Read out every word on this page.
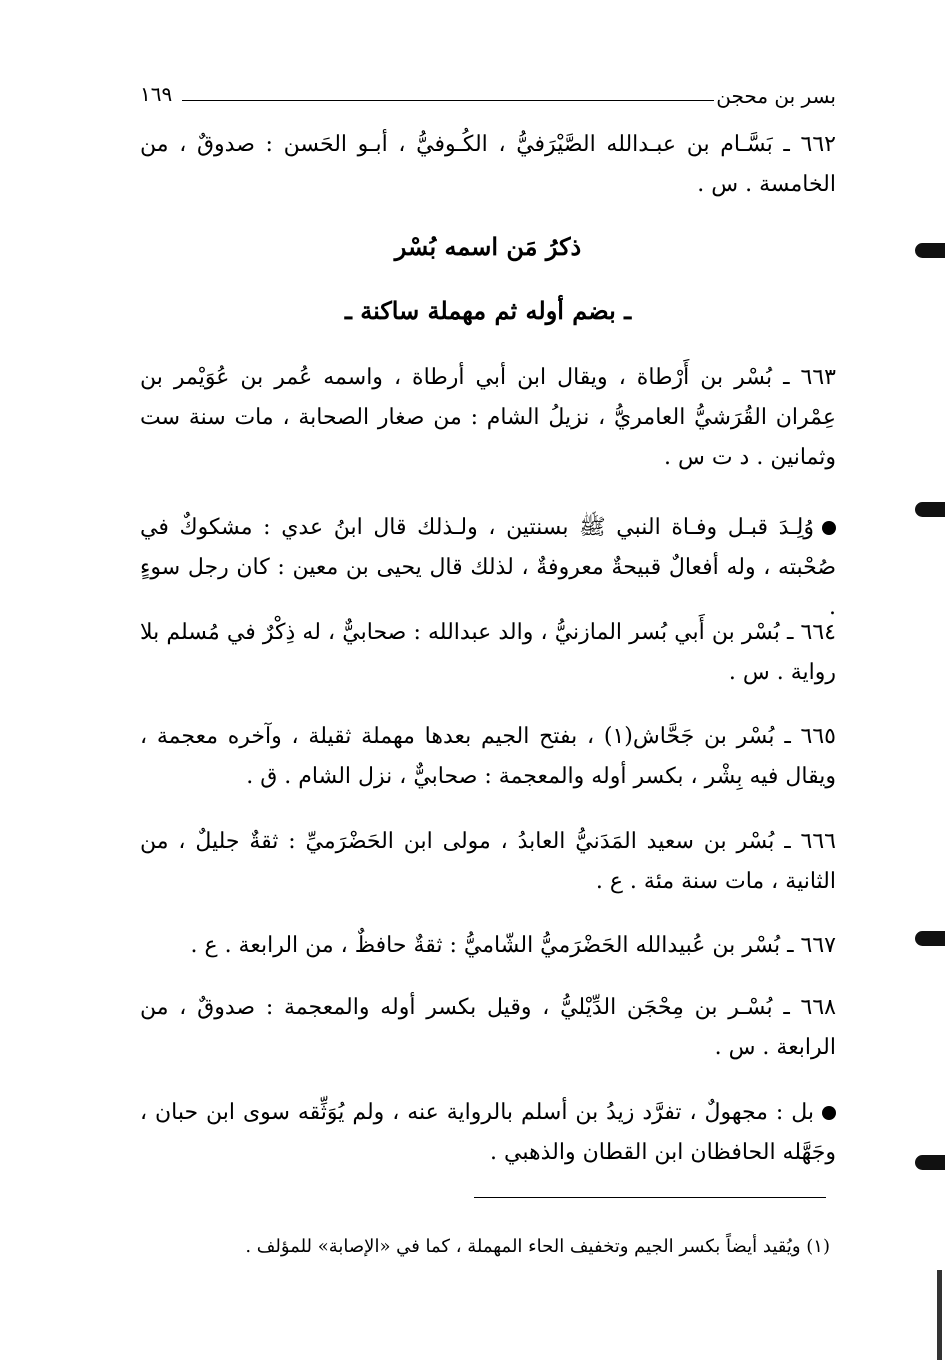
بسر بن محجن
١٦٩
٦٦٢ ـ بَسَّـام بن عبـدالله الصَّيْرَفيُّ ، الكُـوفيُّ ، أبـو الحَسن : صدوقٌ ، من الخامسة . س .
ذكرُ مَن اسمه بُسْر
ـ بضم أوله ثم مهملة ساكنة ـ
٦٦٣ ـ بُسْر بن أَرْطاة ، ويقال ابن أبي أرطاة ، واسمه عُمر بن عُوَيْمر بن عِمْران القُرَشيُّ العامريُّ ، نزيلُ الشام : من صغار الصحابة ، مات سنة ست وثمانين . د ت س .
وُلِـدَ قبـل وفـاة النبي ﷺ بسنتين ، ولـذلك قال ابنُ عدي : مشكوكٌ في صُحْبته ، وله أفعالٌ قبيحةٌ معروفةٌ ، لذلك قال يحيى بن معين : كان رجل سوءٍ .
٦٦٤ ـ بُسْر بن أَبي بُسر المازنيُّ ، والد عبدالله : صحابيٌّ ، له ذِكْرٌ في مُسلم بلا رواية . س .
٦٦٥ ـ بُسْر بن جَحَّاش(١) ، بفتح الجيم بعدها مهملة ثقيلة ، وآخره معجمة ، ويقال فيه بِشْر ، بكسر أوله والمعجمة : صحابيٌّ ، نزل الشام . ق .
٦٦٦ ـ بُسْر بن سعيد المَدَنيُّ العابدُ ، مولى ابن الحَضْرَميِّ : ثقةٌ جليلٌ ، من الثانية ، مات سنة مئة . ع .
٦٦٧ ـ بُسْر بن عُبيدالله الحَضْرَميُّ الشّاميُّ : ثقةٌ حافظٌ ، من الرابعة . ع .
٦٦٨ ـ بُسْـر بن مِحْجَن الدِّيْليُّ ، وقيل بكسر أوله والمعجمة : صدوقٌ ، من الرابعة . س .
بل : مجهولٌ ، تفرَّد زيدُ بن أسلم بالرواية عنه ، ولم يُوَثِّقه سوى ابن حبان ، وجَهَّله الحافظان ابن القطان والذهبي .
(١) ويُقيد أيضاً بكسر الجيم وتخفيف الحاء المهملة ، كما في «الإصابة» للمؤلف .
